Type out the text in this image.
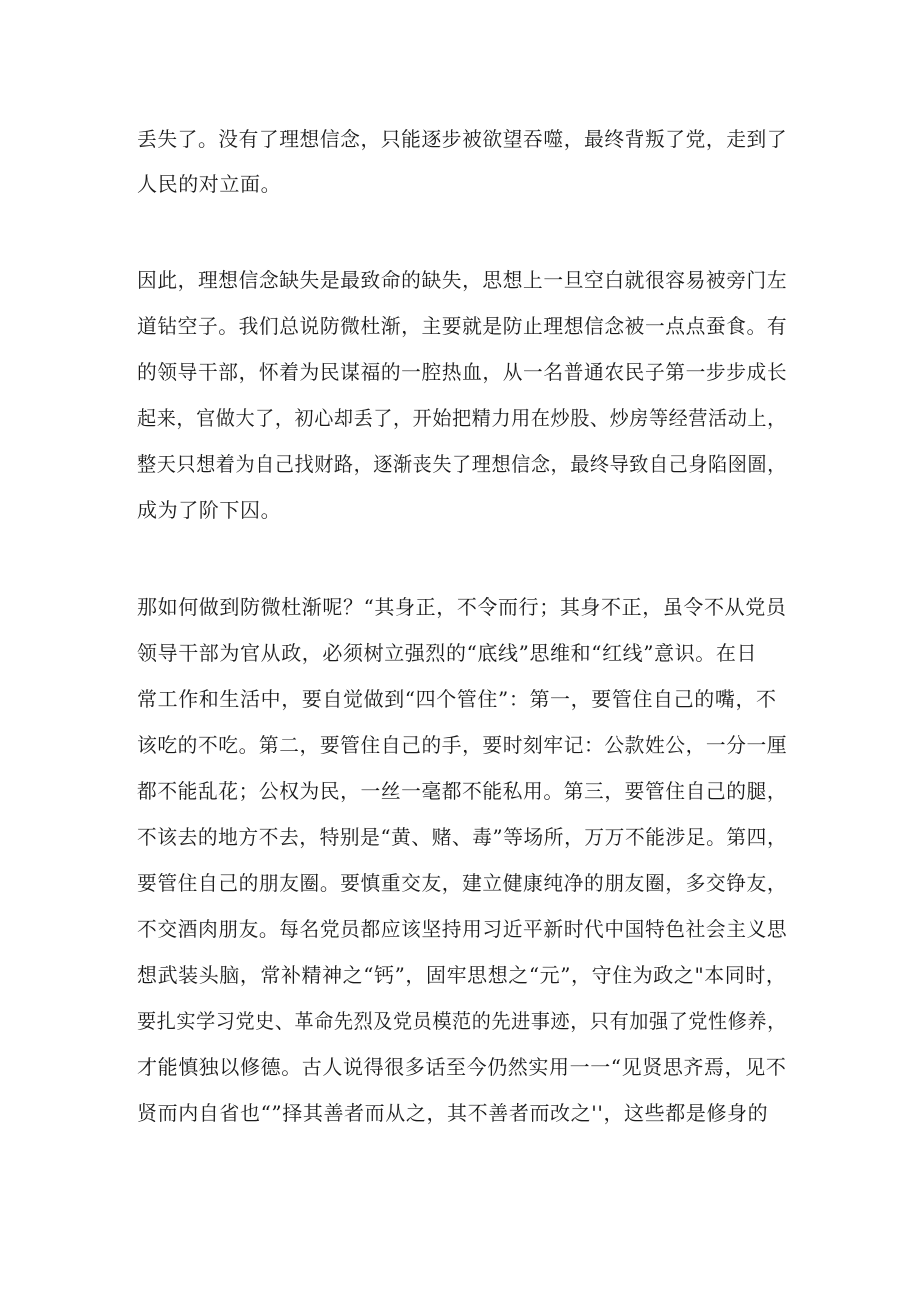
丢失了。没有了理想信念，只能逐步被欲望吞噬，最终背叛了党，走到了
人民的对立面。
因此，理想信念缺失是最致命的缺失，思想上一旦空白就很容易被旁门左
道钻空子。我们总说防微杜渐，主要就是防止理想信念被一点点蚕食。有
的领导干部，怀着为民谋福的一腔热血，从一名普通农民子第一步步成长
起来，官做大了，初心却丢了，开始把精力用在炒股、炒房等经营活动上，
整天只想着为自己找财路，逐渐丧失了理想信念，最终导致自己身陷囹圄，
成为了阶下囚。
那如何做到防微杜渐呢？“其身正，不令而行；其身不正，虽令不从党员
领导干部为官从政，必须树立强烈的“底线”思维和“红线”意识。在日
常工作和生活中，要自觉做到“四个管住”：第一，要管住自己的嘴，不
该吃的不吃。第二，要管住自己的手，要时刻牢记：公款姓公，一分一厘
都不能乱花；公权为民，一丝一毫都不能私用。第三，要管住自己的腿，
不该去的地方不去，特别是“黄、赌、毒”等场所，万万不能涉足。第四，
要管住自己的朋友圈。要慎重交友，建立健康纯净的朋友圈，多交铮友，
不交酒肉朋友。每名党员都应该坚持用习近平新时代中国特色社会主义思
想武装头脑，常补精神之“钙”，固牢思想之“元”，守住为政之"本同时，
要扎实学习党史、革命先烈及党员模范的先进事迹，只有加强了党性修养，
才能慎独以修德。古人说得很多话至今仍然实用一一“见贤思齐焉，见不
贤而内自省也“”择其善者而从之，其不善者而改之''，这些都是修身的
